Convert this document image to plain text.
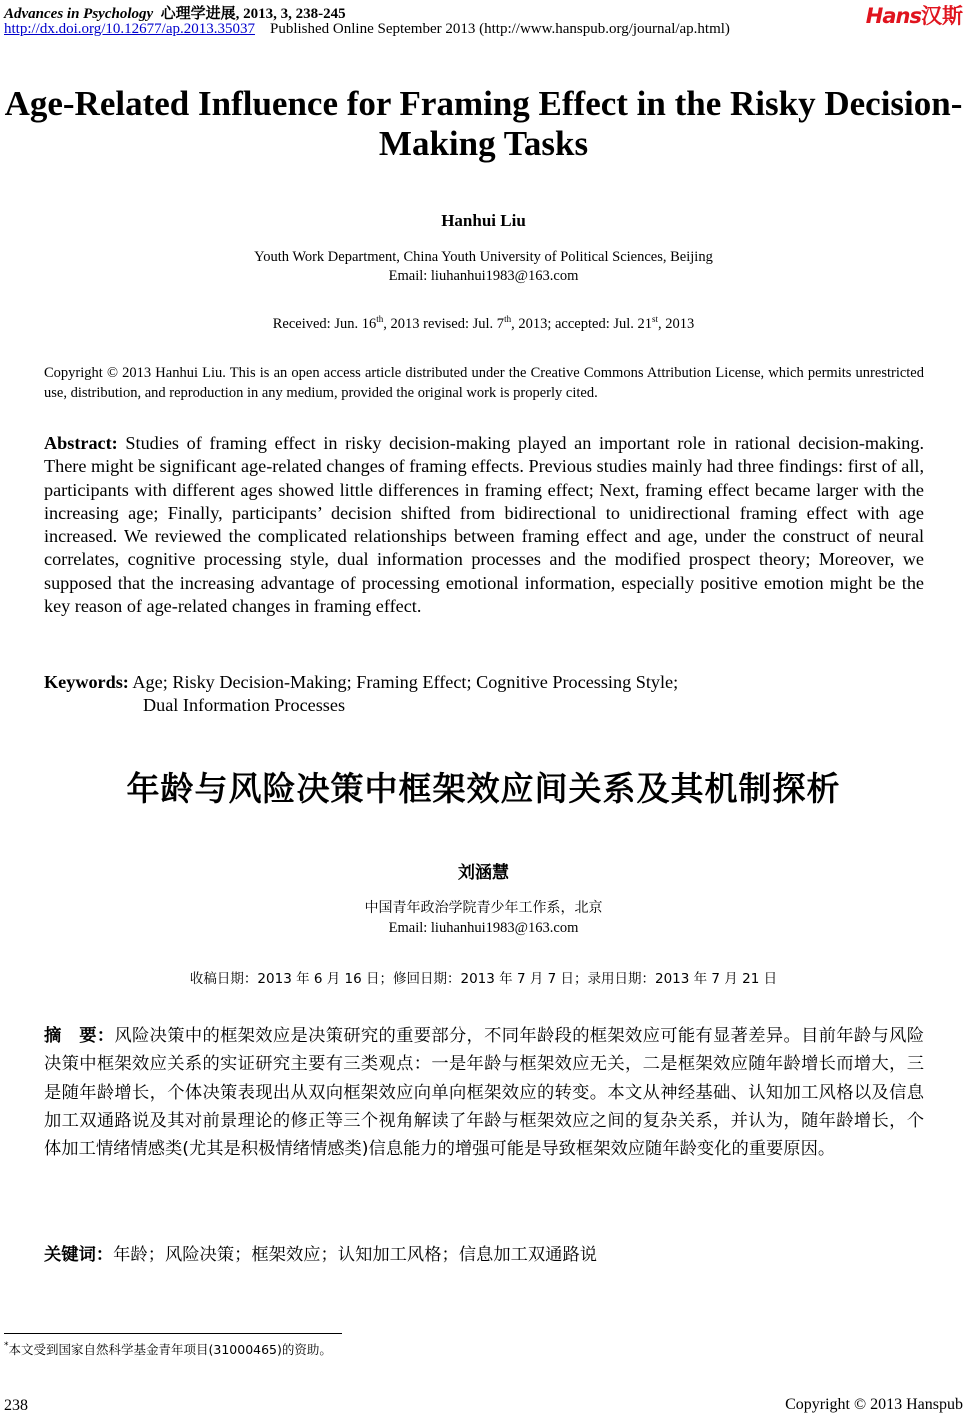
Advances in Psychology 心理学进展, 2013, 3, 238-245
http://dx.doi.org/10.12677/ap.2013.35037 Published Online September 2013 (http://www.hanspub.org/journal/ap.html)
Hans汉斯
Age-Related Influence for Framing Effect in the Risky Decision-Making Tasks
Hanhui Liu
Youth Work Department, China Youth University of Political Sciences, Beijing
Email: liuhanhui1983@163.com
Received: Jun. 16th, 2013 revised: Jul. 7th, 2013; accepted: Jul. 21st, 2013
Copyright © 2013 Hanhui Liu. This is an open access article distributed under the Creative Commons Attribution License, which permits unrestricted use, distribution, and reproduction in any medium, provided the original work is properly cited.
Abstract: Studies of framing effect in risky decision-making played an important role in rational decision-making. There might be significant age-related changes of framing effects. Previous studies mainly had three findings: first of all, participants with different ages showed little differences in framing effect; Next, framing effect became larger with the increasing age; Finally, participants’ decision shifted from bidirectional to unidirectional framing effect with age increased. We reviewed the complicated relationships between framing effect and age, under the construct of neural correlates, cognitive processing style, dual information processes and the modified prospect theory; Moreover, we supposed that the increasing advantage of processing emotional information, especially positive emotion might be the key reason of age-related changes in framing effect.
Keywords: Age; Risky Decision-Making; Framing Effect; Cognitive Processing Style;
Dual Information Processes
年龄与风险决策中框架效应间关系及其机制探析
刘涵慧
中国青年政治学院青少年工作系，北京
Email: liuhanhui1983@163.com
收稿日期：2013 年 6 月 16 日；修回日期：2013 年 7 月 7 日；录用日期：2013 年 7 月 21 日
摘　要：风险决策中的框架效应是决策研究的重要部分，不同年龄段的框架效应可能有显著差异。目前年龄与风险决策中框架效应关系的实证研究主要有三类观点：一是年龄与框架效应无关，二是框架效应随年龄增长而增大，三是随年龄增长，个体决策表现出从双向框架效应向单向框架效应的转变。本文从神经基础、认知加工风格以及信息加工双通路说及其对前景理论的修正等三个视角解读了年龄与框架效应之间的复杂关系，并认为，随年龄增长，个体加工情绪情感类(尤其是积极情绪情感类)信息能力的增强可能是导致框架效应随年龄变化的重要原因。
关键词：年龄；风险决策；框架效应；认知加工风格；信息加工双通路说
*本文受到国家自然科学基金青年项目(31000465)的资助。
238	Copyright © 2013 Hanspub
